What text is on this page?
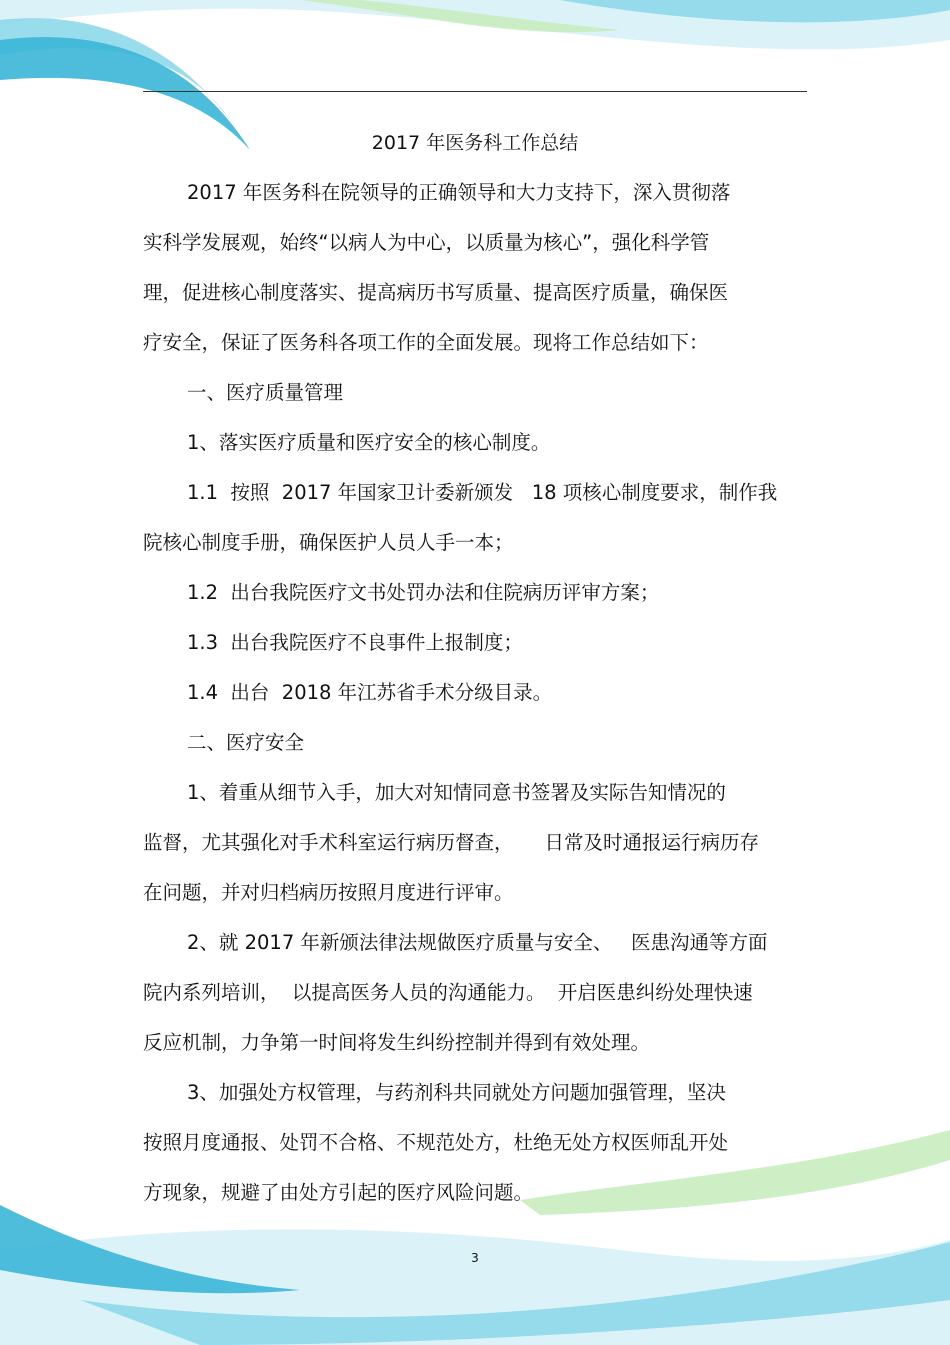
2017 年医务科工作总结
2017 年医务科在院领导的正确领导和大力支持下，深入贯彻落
实科学发展观，始终“以病人为中心，以质量为核心”，强化科学管
理，促进核心制度落实、提高病历书写质量、提高医疗质量，确保医
疗安全，保证了医务科各项工作的全面发展。现将工作总结如下：
一、医疗质量管理
1、落实医疗质量和医疗安全的核心制度。
1.1  按照  2017 年国家卫计委新颁发   18 项核心制度要求，制作我
院核心制度手册，确保医护人员人手一本；
1.2  出台我院医疗文书处罚办法和住院病历评审方案；
1.3  出台我院医疗不良事件上报制度；
1.4  出台  2018 年江苏省手术分级目录。
二、医疗安全
1、着重从细节入手，加大对知情同意书签署及实际告知情况的
监督，尤其强化对手术科室运行病历督查，     日常及时通报运行病历存
在问题，并对归档病历按照月度进行评审。
2、就 2017 年新颁法律法规做医疗质量与安全、   医患沟通等方面
院内系列培训，  以提高医务人员的沟通能力。  开启医患纠纷处理快速
反应机制，力争第一时间将发生纠纷控制并得到有效处理。
3、加强处方权管理，与药剂科共同就处方问题加强管理，坚决
按照月度通报、处罚不合格、不规范处方，杜绝无处方权医师乱开处
方现象，规避了由处方引起的医疗风险问题。
3
